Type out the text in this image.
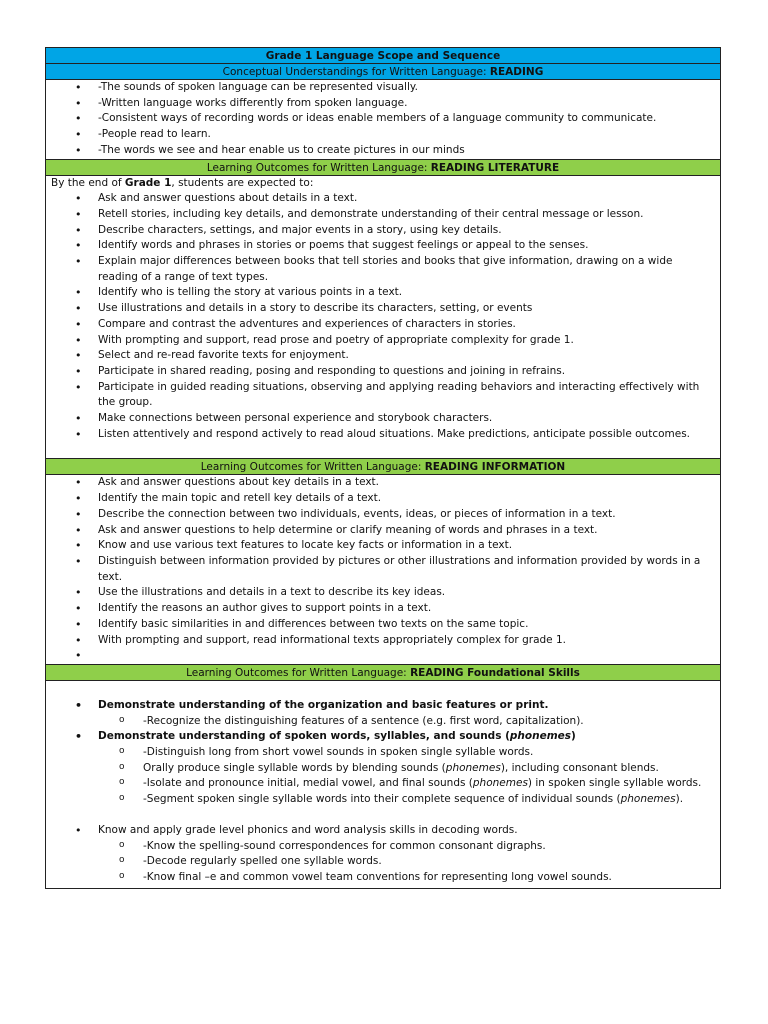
Grade 1 Language Scope and Sequence
Conceptual Understandings for Written Language: READING
• -The sounds of spoken language can be represented visually.
• -Written language works differently from spoken language.
• -Consistent ways of recording words or ideas enable members of a language community to communicate.
• -People read to learn.
• -The words we see and hear enable us to create pictures in our minds
Learning Outcomes for Written Language: READING LITERATURE
By the end of Grade 1, students are expected to:
• Ask and answer questions about details in a text.
• Retell stories, including key details, and demonstrate understanding of their central message or lesson.
• Describe characters, settings, and major events in a story, using key details.
• Identify words and phrases in stories or poems that suggest feelings or appeal to the senses.
• Explain major differences between books that tell stories and books that give information, drawing on a wide reading of a range of text types.
• Identify who is telling the story at various points in a text.
• Use illustrations and details in a story to describe its characters, setting, or events
• Compare and contrast the adventures and experiences of characters in stories.
• With prompting and support, read prose and poetry of appropriate complexity for grade 1.
• Select and re-read favorite texts for enjoyment.
• Participate in shared reading, posing and responding to questions and joining in refrains.
• Participate in guided reading situations, observing and applying reading behaviors and interacting effectively with the group.
• Make connections between personal experience and storybook characters.
• Listen attentively and respond actively to read aloud situations. Make predictions, anticipate possible outcomes.
Learning Outcomes for Written Language: READING INFORMATION
• Ask and answer questions about key details in a text.
• Identify the main topic and retell key details of a text.
• Describe the connection between two individuals, events, ideas, or pieces of information in a text.
• Ask and answer questions to help determine or clarify meaning of words and phrases in a text.
• Know and use various text features to locate key facts or information in a text.
• Distinguish between information provided by pictures or other illustrations and information provided by words in a text.
• Use the illustrations and details in a text to describe its key ideas.
• Identify the reasons an author gives to support points in a text.
• Identify basic similarities in and differences between two texts on the same topic.
• With prompting and support, read informational texts appropriately complex for grade 1.
•
Learning Outcomes for Written Language: READING Foundational Skills
• Demonstrate understanding of the organization and basic features or print.
o -Recognize the distinguishing features of a sentence (e.g. first word, capitalization).
• Demonstrate understanding of spoken words, syllables, and sounds (phonemes)
o -Distinguish long from short vowel sounds in spoken single syllable words.
o Orally produce single syllable words by blending sounds (phonemes), including consonant blends.
o -Isolate and pronounce initial, medial vowel, and final sounds (phonemes) in spoken single syllable words.
o -Segment spoken single syllable words into their complete sequence of individual sounds (phonemes).
• Know and apply grade level phonics and word analysis skills in decoding words.
o -Know the spelling-sound correspondences for common consonant digraphs.
o -Decode regularly spelled one syllable words.
o -Know final –e and common vowel team conventions for representing long vowel sounds.
